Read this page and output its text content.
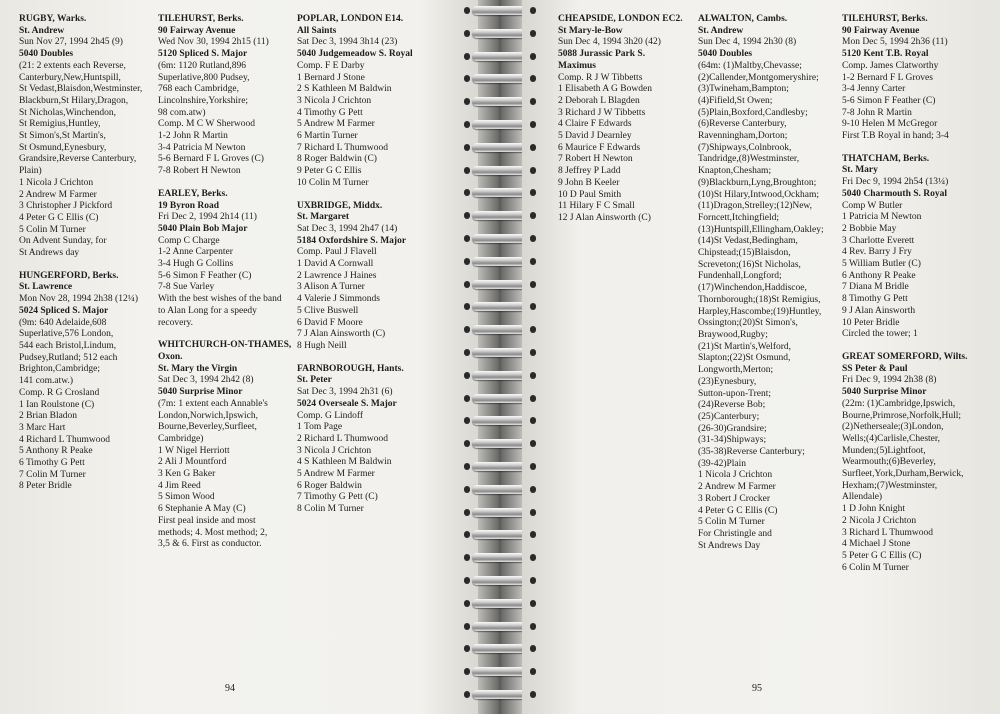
RUGBY, Warks.
St. Andrew
Sun Nov 27, 1994 2h45 (9)
5040 Doubles
(21: 2 extents each Reverse,
Canterbury,New,Huntspill,
St Vedast,Blaisdon,Westminster,
Blackburn,St Hilary,Dragon,
St Nicholas,Winchendon,
St Remigius,Huntley,
St Simon's,St Martin's,
St Osmund,Eynesbury,
Grandsire,Reverse Canterbury,
Plain)
1 Nicola J Crichton
2 Andrew M Farmer
3 Christopher J Pickford
4 Peter G C Ellis (C)
5 Colin M Turner
On Advent Sunday, for
St Andrews day
HUNGERFORD, Berks.
St. Lawrence
Mon Nov 28, 1994 2h38 (12¼)
5024 Spliced S. Major
(9m: 640 Adelaide,608
Superlative,576 London,
544 each Bristol,Lindum,
Pudsey,Rutland; 512 each
Brighton,Cambridge;
141 com.atw.)
Comp. R G Crosland
1 Ian Roulstone (C)
2 Brian Bladon
3 Marc Hart
4 Richard L Thumwood
5 Anthony R Peake
6 Timothy G Pett
7 Colin M Turner
8 Peter Bridle
TILEHURST, Berks.
90 Fairway Avenue
Wed Nov 30, 1994 2h15 (11)
5120 Spliced S. Major
(6m: 1120 Rutland,896
Superlative,800 Pudsey,
768 each Cambridge,
Lincolnshire,Yorkshire;
98 com.atw)
Comp. M C W Sherwood
1-2 John R Martin
3-4 Patricia M Newton
5-6 Bernard F L Groves (C)
7-8 Robert H Newton
EARLEY, Berks.
19 Byron Road
Fri Dec 2, 1994 2h14 (11)
5040 Plain Bob Major
Comp C Charge
1-2 Anne Carpenter
3-4 Hugh G Collins
5-6 Simon F Feather (C)
7-8 Sue Varley
With the best wishes of the band
to Alan Long for a speedy
recovery.
WHITCHURCH-ON-THAMES,
Oxon.
St. Mary the Virgin
Sat Dec 3, 1994 2h42 (8)
5040 Surprise Minor
(7m: 1 extent each Annable's
London,Norwich,Ipswich,
Bourne,Beverley,Surfleet,
Cambridge)
1 W Nigel Herriott
2 Ali J Mountford
3 Ken G Baker
4 Jim Reed
5 Simon Wood
6 Stephanie A May (C)
First peal inside and most
methods; 4. Most method; 2,
3,5 & 6. First as conductor.
POPLAR, LONDON E14.
All Saints
Sat Dec 3, 1994 3h14 (23)
5040 Judgemeadow S. Royal
Comp. F E Darby
1 Bernard J Stone
2 S Kathleen M Baldwin
3 Nicola J Crichton
4 Timothy G Pett
5 Andrew M Farmer
6 Martin Turner
7 Richard L Thumwood
8 Roger Baldwin (C)
9 Peter G C Ellis
10 Colin M Turner
UXBRIDGE, Middx.
St. Margaret
Sat Dec 3, 1994 2h47 (14)
5184 Oxfordshire S. Major
Comp. Paul J Flavell
1 David A Cornwall
2 Lawrence J Haines
3 Alison A Turner
4 Valerie J Simmonds
5 Clive Buswell
6 David F Moore
7 J Alan Ainsworth (C)
8 Hugh Neill
FARNBOROUGH, Hants.
St. Peter
Sat Dec 3, 1994 2h31 (6)
5024 Overseale S. Major
Comp. G Lindoff
1 Tom Page
2 Richard L Thumwood
3 Nicola J Crichton
4 S Kathleen M Baldwin
5 Andrew M Farmer
6 Roger Baldwin
7 Timothy G Pett (C)
8 Colin M Turner
94
CHEAPSIDE, LONDON EC2.
St Mary-le-Bow
Sun Dec 4, 1994 3h20 (42)
5088 Jurassic Park S.
Maximus
Comp. R J W Tibbetts
1 Elisabeth A G Bowden
2 Deborah L Blagden
3 Richard J W Tibbetts
4 Claire F Edwards
5 David J Dearnley
6 Maurice F Edwards
7 Robert H Newton
8 Jeffrey P Ladd
9 John B Keeler
10 D Paul Smith
11 Hilary F C Small
12 J Alan Ainsworth (C)
ALWALTON, Cambs.
St. Andrew
Sun Dec 4, 1994 2h30 (8)
5040 Doubles
(64m: (1)Maltby,Chevasse;
(2)Callender,Montgomeryshire;
(3)Twineham,Bampton;
(4)Fifield,St Owen;
(5)Plain,Boxford,Candlesby;
(6)Reverse Canterbury,
Ravenningham,Dorton;
(7)Shipways,Colnbrook,
Tandridge,(8)Westminster,
Knapton,Chesham;
(9)Blackburn,Lyng,Broughton;
(10)St Hilary,Intwood,Ockham;
(11)Dragon,Strelley;(12)New,
Forncett,Itchingfield;
(13)Huntspill,Ellingham,Oakley;
(14)St Vedast,Bedingham,
Chipstead;(15)Blaisdon,
Screveton;(16)St Nicholas,
Fundenhall,Longford;
(17)Winchendon,Haddiscoe,
Thornborough;(18)St Remigius,
Harpley,Hascombe;(19)Huntley,
Ossington;(20)St Simon's,
Braywood,Rugby;
(21)St Martin's,Welford,
Slapton;(22)St Osmund,
Longworth,Merton;
(23)Eynesbury,
Sutton-upon-Trent;
(24)Reverse Bob;
(25)Canterbury;
(26-30)Grandsire;
(31-34)Shipways;
(35-38)Reverse Canterbury;
(39-42)Plain
1 Nicola J Crichton
2 Andrew M Farmer
3 Robert J Crocker
4 Peter G C Ellis (C)
5 Colin M Turner
For Christingle and
St Andrews Day
TILEHURST, Berks.
90 Fairway Avenue
Mon Dec 5, 1994 2h36 (11)
5120 Kent T.B. Royal
Comp. James Clatworthy
1-2 Bernard F L Groves
3-4 Jenny Carter
5-6 Simon F Feather (C)
7-8 John R Martin
9-10 Helen M McGregor
First T.B Royal in hand; 3-4
THATCHAM, Berks.
St. Mary
Fri Dec 9, 1994 2h54 (13¼)
5040 Charmouth S. Royal
Comp W Butler
1 Patricia M Newton
2 Bobbie May
3 Charlotte Everett
4 Rev. Barry J Fry
5 William Butler (C)
6 Anthony R Peake
7 Diana M Bridle
8 Timothy G Pett
9 J Alan Ainsworth
10 Peter Bridle
Circled the tower; 1
GREAT SOMERFORD, Wilts.
SS Peter & Paul
Fri Dec 9, 1994 2h38 (8)
5040 Surprise Minor
(22m: (1)Cambridge,Ipswich,
Bourne,Primrose,Norfolk,Hull;
(2)Netherseale;(3)London,
Wells;(4)Carlisle,Chester,
Munden;(5)Lightfoot,
Wearmouth;(6)Beverley,
Surfleet,York,Durham,Berwick,
Hexham;(7)Westminster,
Allendale)
1 D John Knight
2 Nicola J Crichton
3 Richard L Thumwood
4 Michael J Stone
5 Peter G C Ellis (C)
6 Colin M Turner
95
